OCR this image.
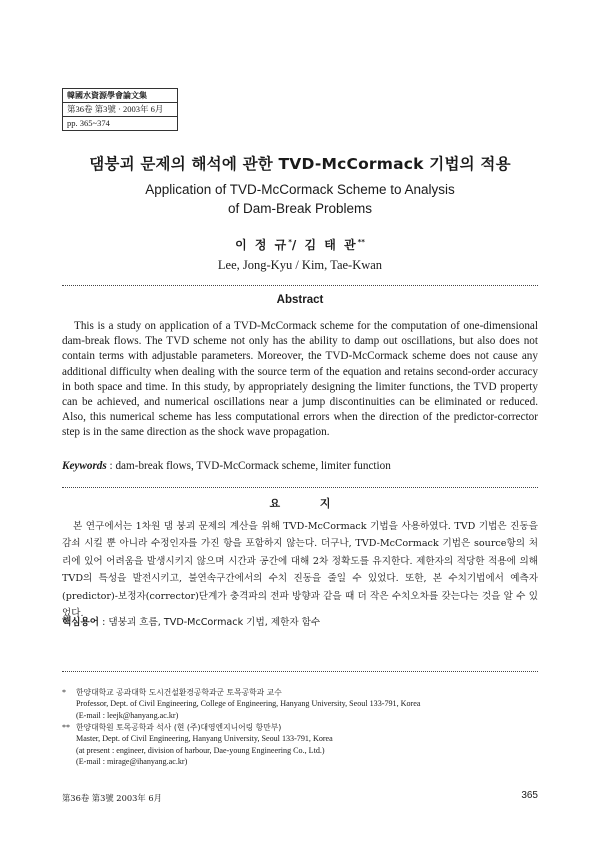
韓國水資源學會論文集
第36卷 第3號 · 2003年 6月
pp. 365~374
댐붕괴 문제의 해석에 관한 TVD-McCormack 기법의 적용
Application of TVD-McCormack Scheme to Analysis
of Dam-Break Problems
이 정 규*/ 김 태 관**
Lee, Jong-Kyu / Kim, Tae-Kwan
Abstract

This is a study on application of a TVD-McCormack scheme for the computation of one-dimensional dam-break flows. The TVD scheme not only has the ability to damp out oscillations, but also does not contain terms with adjustable parameters. Moreover, the TVD-McCormack scheme does not cause any additional difficulty when dealing with the source term of the equation and retains second-order accuracy in both space and time. In this study, by appropriately designing the limiter functions, the TVD property can be achieved, and numerical oscillations near a jump discontinuities can be eliminated or reduced. Also, this numerical scheme has less computational errors when the direction of the predictor-corrector step is in the same direction as the shock wave propagation.

Keywords : dam-break flows, TVD-McCormack scheme, limiter function
요 지

본 연구에서는 1차원 댐 붕괴 문제의 계산을 위해 TVD-McCormack 기법을 사용하였다. TVD 기법은 진동을 감쇠 시킬 뿐 아니라 수정인자를 가진 항을 포함하지 않는다. 더구나, TVD-McCormack 기법은 source항의 처리에 있어 어려움을 발생시키지 않으며 시간과 공간에 대해 2차 정확도를 유지한다. 제한자의 적당한 적용에 의해 TVD의 특성을 발전시키고, 불연속구간에서의 수치 진동을 줄일 수 있었다. 또한, 본 수치기법에서 예측자(predictor)-보정자(corrector)단계가 충격파의 전파 방향과 같을 때 더 작은 수치오차를 갖는다는 것을 알 수 있었다.

핵심용어 : 댐붕괴 흐름, TVD-McCormack 기법, 제한자 함수
*	한양대학교 공과대학 도시건설환경공학과군 토목공학과 교수
Professor, Dept. of Civil Engineering, College of Engineering, Hanyang University, Seoul 133-791, Korea
(E-mail : leejk@hanyang.ac.kr)
** 한양대학원 토목공학과 석사 (현 (주)대영엔지니어링 항만부)
Master, Dept. of Civil Engineering, Hanyang University, Seoul 133-791, Korea
(at present : engineer, division of harbour, Dae-young Engineering Co., Ltd.)
(E-mail : mirage@ihanyang.ac.kr)
第36卷 第3號 2003年 6月	365
